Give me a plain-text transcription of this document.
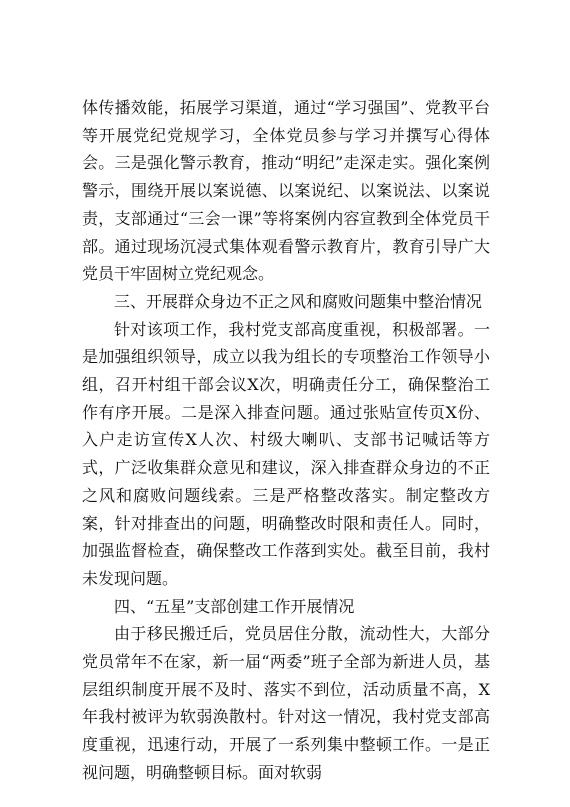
体传播效能，拓展学习渠道，通过“学习强国”、党教平台等开展党纪党规学习，全体党员参与学习并撰写心得体会。三是强化警示教育，推动“明纪”走深走实。强化案例警示，围绕开展以案说德、以案说纪、以案说法、以案说责，支部通过“三会一课”等将案例内容宣教到全体党员干部。通过现场沉浸式集体观看警示教育片，教育引导广大党员干牢固树立党纪观念。

三、开展群众身边不正之风和腐败问题集中整治情况

针对该项工作，我村党支部高度重视，积极部署。一是加强组织领导，成立以我为组长的专项整治工作领导小组，召开村组干部会议X次，明确责任分工，确保整治工作有序开展。二是深入排查问题。通过张贴宣传页X份、入户走访宣传X人次、村级大喇叭、支部书记喊话等方式，广泛收集群众意见和建议，深入排查群众身边的不正之风和腐败问题线索。三是严格整改落实。制定整改方案，针对排查出的问题，明确整改时限和责任人。同时，加强监督检查，确保整改工作落到实处。截至目前，我村未发现问题。

四、“五星”支部创建工作开展情况

由于移民搬迁后，党员居住分散，流动性大，大部分党员常年不在家，新一届“两委”班子全部为新进人员，基层组织制度开展不及时、落实不到位，活动质量不高，X年我村被评为软弱涣散村。针对这一情况，我村党支部高度重视，迅速行动，开展了一系列集中整顿工作。一是正视问题，明确整顿目标。面对软弱
